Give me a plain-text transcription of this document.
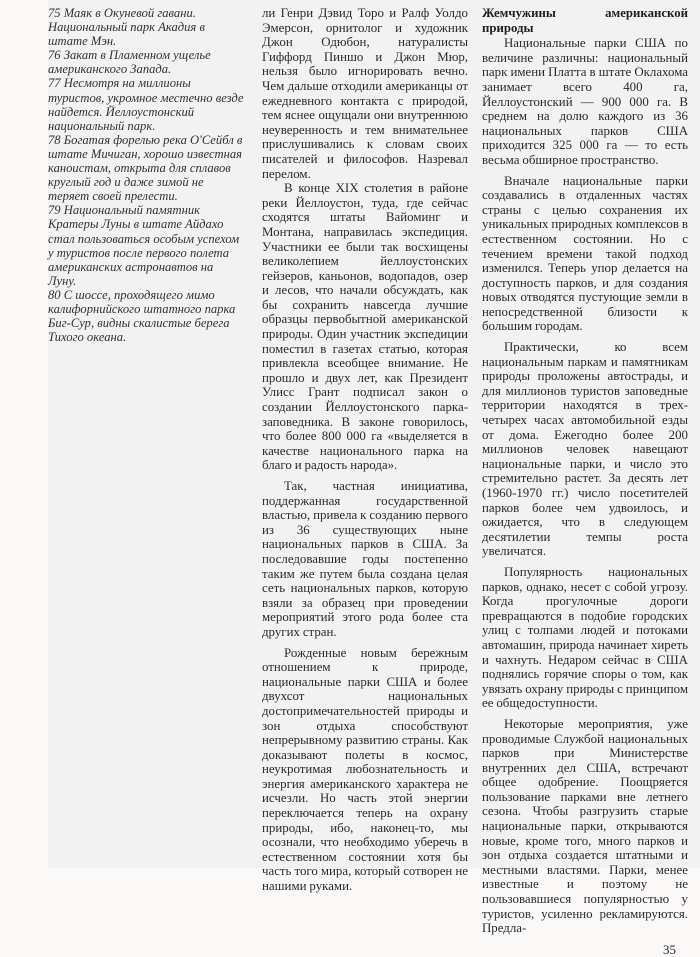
75 Маяк в Окуневой гавани. Национальный парк Акадия в штате Мэн.

76 Закат в Пламенном ущелье американского Запада.

77 Несмотря на миллионы туристов, укромное местечно везде найдется. Йеллоустонский национальный парк.

78 Богатая форелью река О'Сейбл в штате Мичиган, хорошо известная каноистам, открыта для сплавов круглый год и даже зимой не теряет своей прелести.

79 Национальный памятник Кратеры Луны в штате Айдахо стал пользоваться особым успехом у туристов после первого полета американских астронавтов на Луну.

80 С шоссе, проходящего мимо калифорнийского штатного парка Биг-Сур, видны скалистые берега Тихого океана.

ли Генри Дэвид Торо и Ралф Уолдо Эмерсон, орнитолог и художник Джон Одюбон, натуралисты Гиффорд Пиншо и Джон Мюр, нельзя было игнорировать вечно. Чем дальше отходили американцы от ежедневного контакта с природой, тем яснее ощущали они внутреннюю неуверенность и тем внимательнее прислушивались к словам своих писателей и философов. Назревал перелом.

В конце XIX столетия в районе реки Йеллоустон, туда, где сейчас сходятся штаты Вайоминг и Монтана, направилась экспедиция. Участники ее были так восхищены великолепием йеллоустонских гейзеров, каньонов, водопадов, озер и лесов, что начали обсуждать, как бы сохранить навсегда лучшие образцы первобытной американской природы. Один участник экспедиции поместил в газетах статью, которая привлекла всеобщее внимание. Не прошло и двух лет, как Президент Улисс Грант подписал закон о создании Йеллоустонского парка-заповедника. В законе говорилось, что более 800 000 га «выделяется в качестве национального парка на благо и радость народа».

Так, частная инициатива, поддержанная государственной властью, привела к созданию первого из 36 существующих ныне национальных парков в США. За последовавшие годы постепенно таким же путем была создана целая сеть национальных парков, которую взяли за образец при проведении мероприятий этого рода более ста других стран.

Рожденные новым бережным отношением к природе, национальные парки США и более двухсот национальных достопримечательностей природы и зон отдыха способствуют непрерывному развитию страны. Как доказывают полеты в космос, неукротимая любознательность и энергия американского характера не исчезли. Но часть этой энергии переключается теперь на охрану природы, ибо, наконец-то, мы осознали, что необходимо уберечь в естественном состоянии хотя бы часть того мира, который сотворен не нашими руками.

Жемчужины американской природы

Национальные парки США по величине различны: национальный парк имени Платта в штате Оклахома занимает всего 400 га, Йеллоустонский — 900 000 га. В среднем на долю каждого из 36 национальных парков США приходится 325 000 га — то есть весьма обширное пространство.

Вначале национальные парки создавались в отдаленных частях страны с целью сохранения их уникальных природных комплексов в естественном состоянии. Но с течением времени такой подход изменился. Теперь упор делается на доступность парков, и для создания новых отводятся пустующие земли в непосредственной близости к большим городам.

Практически, ко всем национальным паркам и памятникам природы проложены автострады, и для миллионов туристов заповедные территории находятся в трех-четырех часах автомобильной езды от дома. Ежегодно более 200 миллионов человек навещают национальные парки, и число это стремительно растет. За десять лет (1960-1970 гг.) число посетителей парков более чем удвоилось, и ожидается, что в следующем десятилетии темпы роста увеличатся.

Популярность национальных парков, однако, несет с собой угрозу. Когда прогулочные дороги превращаются в подобие городских улиц с толпами людей и потоками автомашин, природа начинает хиреть и чахнуть. Недаром сейчас в США поднялись горячие споры о том, как увязать охрану природы с принципом ее общедоступности.

Некоторые мероприятия, уже проводимые Службой национальных парков при Министерстве внутренних дел США, встречают общее одобрение. Поощряется пользование парками вне летнего сезона. Чтобы разгрузить старые национальные парки, открываются новые, кроме того, много парков и зон отдыха создается штатными и местными властями. Парки, менее известные и поэтому не пользовавшиеся популярностью у туристов, усиленно рекламируются. Предла-

35
